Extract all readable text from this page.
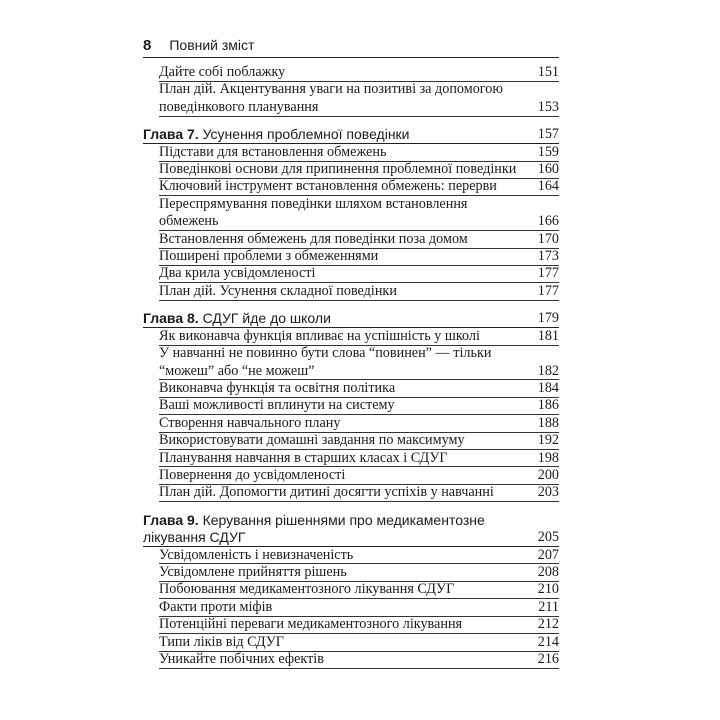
8 Повний зміст
Дайте собі поблажку	151
План дій. Акцентування уваги на позитиві за допомогою поведінкового планування	153
Глава 7. Усунення проблемної поведінки	157
Підстави для встановлення обмежень	159
Поведінкові основи для припинення проблемної поведінки	160
Ключовий інструмент встановлення обмежень: перерви	164
Переспрямування поведінки шляхом встановлення обмежень	166
Встановлення обмежень для поведінки поза домом	170
Поширені проблеми з обмеженнями	173
Два крила усвідомленості	177
План дій. Усунення складної поведінки	177
Глава 8. СДУГ йде до школи	179
Як виконавча функція впливає на успішність у школі	181
У навчанні не повинно бути слова “повинен” — тільки “можеш” або “не можеш”	182
Виконавча функція та освітня політика	184
Ваші можливості вплинути на систему	186
Створення навчального плану	188
Використовувати домашні завдання по максимуму	192
Планування навчання в старших класах і СДУГ	198
Повернення до усвідомленості	200
План дій. Допомогти дитині досягти успіхів у навчанні	203
Глава 9. Керування рішеннями про медикаментозне лікування СДУГ	205
Усвідомленість і невизначеність	207
Усвідомлене прийняття рішень	208
Побоювання медикаментозного лікування СДУГ	210
Факти проти міфів	211
Потенційні переваги медикаментозного лікування	212
Типи ліків від СДУГ	214
Уникайте побічних ефектів	216
